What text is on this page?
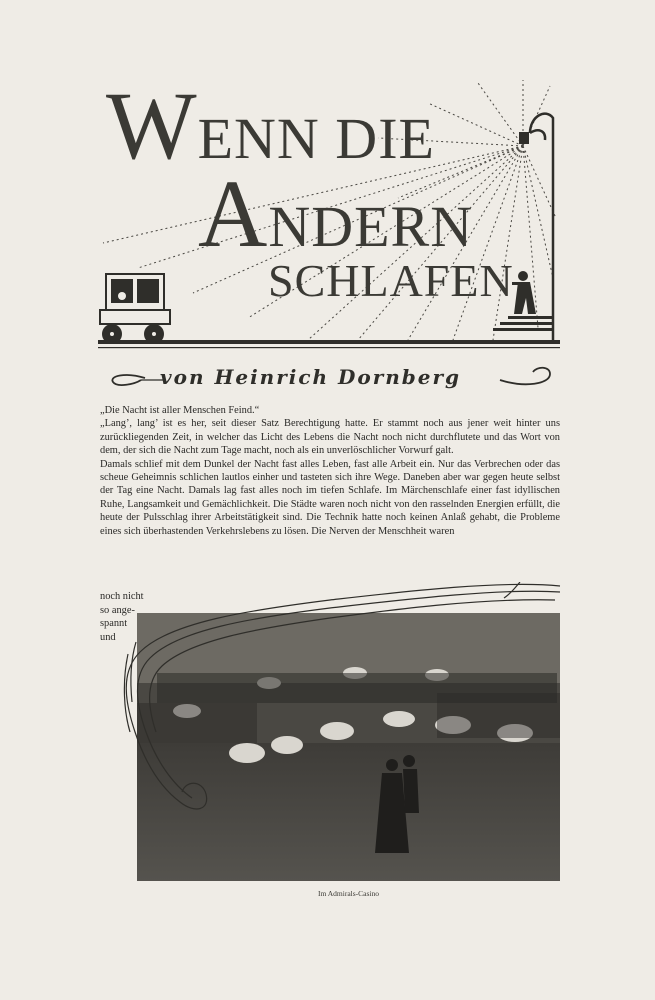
WENN DIE
ANDERN
SCHLAFEN
von Heinrich Dornberg

„Die Nacht ist aller Menschen Feind.“

„Lang’, lang’ ist es her, seit dieser Satz Berechtigung hatte. Er stammt noch aus jener weit hinter uns zurückliegenden Zeit, in welcher das Licht des Lebens die Nacht noch nicht durchflutete und das Wort von dem, der sich die Nacht zum Tage macht, noch als ein unverlöschlicher Vorwurf galt.

Damals schlief mit dem Dunkel der Nacht fast alles Leben, fast alle Arbeit ein. Nur das Verbrechen oder das scheue Geheimnis schlichen lautlos einher und tasteten sich ihre Wege. Daneben aber war gegen heute selbst der Tag eine Nacht. Damals lag fast alles noch im tiefen Schlafe. Im Märchenschlafe einer fast idyllischen Ruhe, Langsamkeit und Gemächlichkeit. Die Städte waren noch nicht von den rasselnden Energien erfüllt, die heute der Pulsschlag ihrer Arbeitstätigkeit sind. Die Technik hatte noch keinen Anlaß gehabt, die Probleme eines sich überhastenden Verkehrslebens zu lösen. Die Nerven der Menschheit waren

noch nicht
so ange-
spannt
und
Im Admirals-Casino
